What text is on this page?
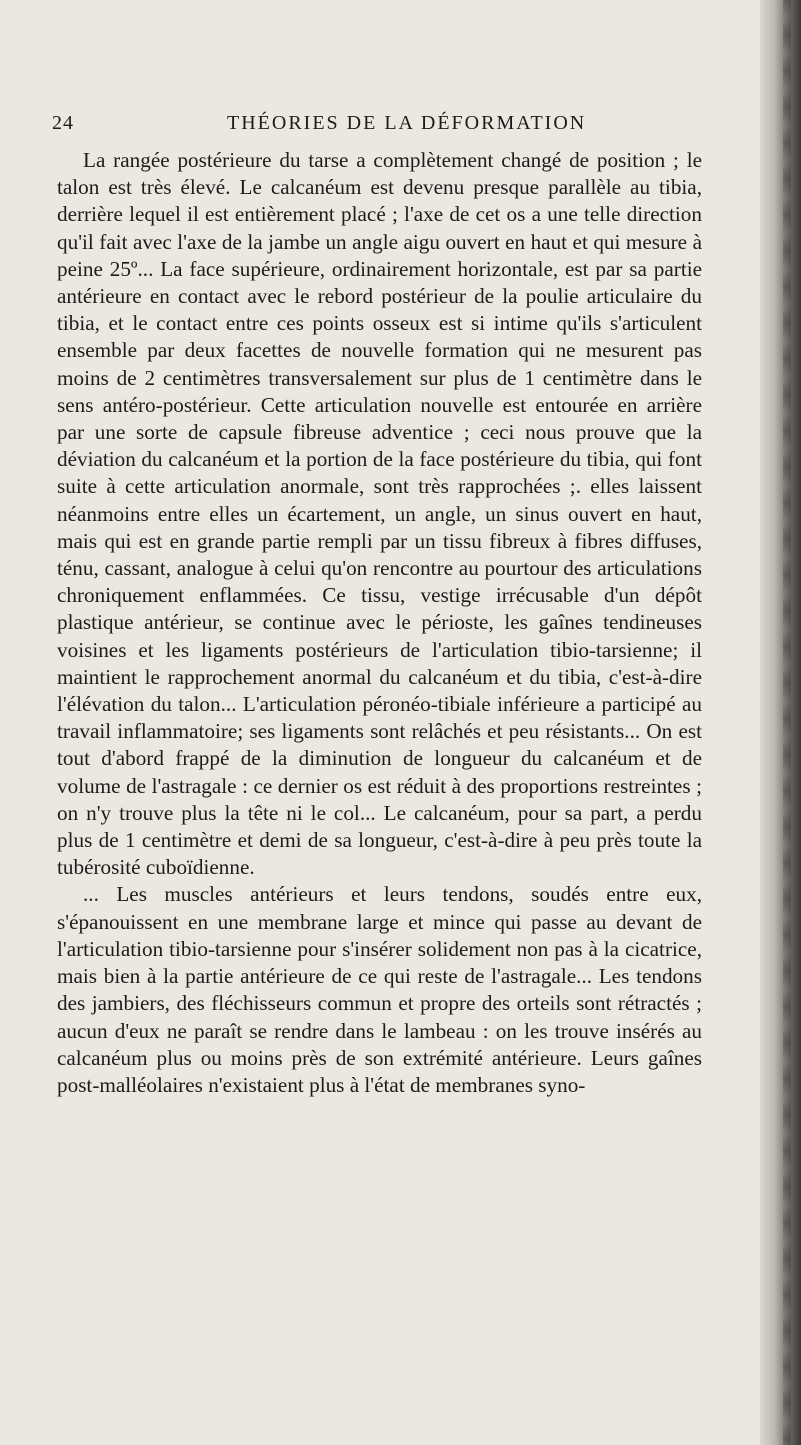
24	THÉORIES DE LA DÉFORMATION

La rangée postérieure du tarse a complètement changé de position ; le talon est très élevé. Le calcanéum est devenu presque parallèle au tibia, derrière lequel il est entièrement placé ; l'axe de cet os a une telle direction qu'il fait avec l'axe de la jambe un angle aigu ouvert en haut et qui mesure à peine 25º... La face supérieure, ordinairement horizontale, est par sa partie antérieure en contact avec le rebord postérieur de la poulie articulaire du tibia, et le contact entre ces points osseux est si intime qu'ils s'articulent ensemble par deux facettes de nouvelle formation qui ne mesurent pas moins de 2 centimètres transversalement sur plus de 1 centimètre dans le sens antéro-postérieur. Cette articulation nouvelle est entourée en arrière par une sorte de capsule fibreuse adventice ; ceci nous prouve que la déviation du calcanéum et la portion de la face postérieure du tibia, qui font suite à cette articulation anormale, sont très rapprochées ;. elles laissent néanmoins entre elles un écartement, un angle, un sinus ouvert en haut, mais qui est en grande partie rempli par un tissu fibreux à fibres diffuses, ténu, cassant, analogue à celui qu'on rencontre au pourtour des articulations chroniquement enflammées. Ce tissu, vestige irrécusable d'un dépôt plastique antérieur, se continue avec le périoste, les gaînes tendineuses voisines et les ligaments postérieurs de l'articulation tibio-tarsienne; il maintient le rapprochement anormal du calcanéum et du tibia, c'est-à-dire l'élévation du talon... L'articulation péronéo-tibiale inférieure a participé au travail inflammatoire; ses ligaments sont relâchés et peu résistants... On est tout d'abord frappé de la diminution de longueur du calcanéum et de volume de l'astragale : ce dernier os est réduit à des proportions restreintes ; on n'y trouve plus la tête ni le col... Le calcanéum, pour sa part, a perdu plus de 1 centimètre et demi de sa longueur, c'est-à-dire à peu près toute la tubérosité cuboïdienne.

... Les muscles antérieurs et leurs tendons, soudés entre eux, s'épanouissent en une membrane large et mince qui passe au devant de l'articulation tibio-tarsienne pour s'insérer solidement non pas à la cicatrice, mais bien à la partie antérieure de ce qui reste de l'astragale... Les tendons des jambiers, des fléchisseurs commun et propre des orteils sont rétractés ; aucun d'eux ne paraît se rendre dans le lambeau : on les trouve insérés au calcanéum plus ou moins près de son extrémité antérieure. Leurs gaînes post-malléolaires n'existaient plus à l'état de membranes syno-
